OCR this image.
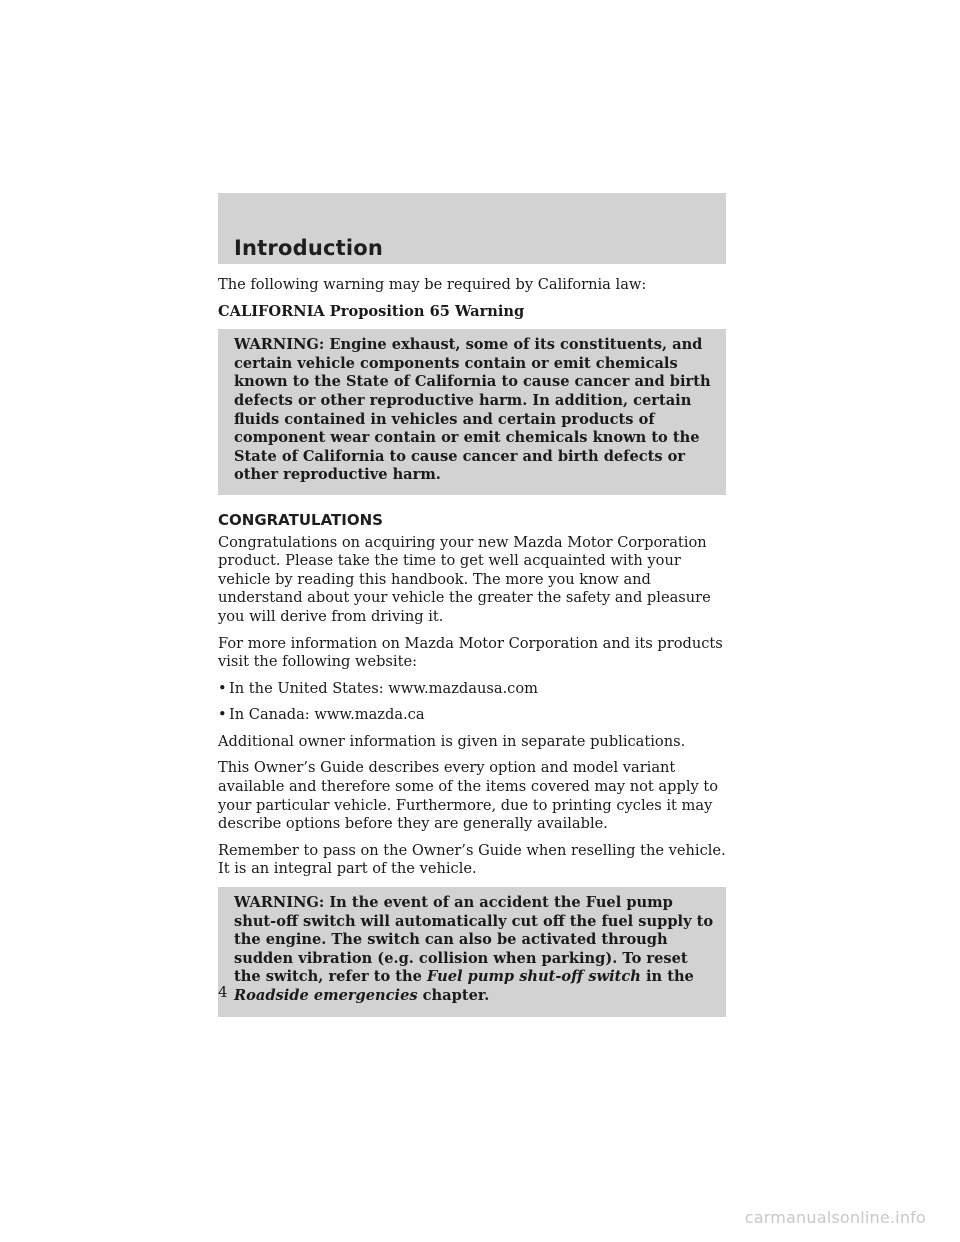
Introduction

The following warning may be required by California law:

CALIFORNIA Proposition 65 Warning

WARNING: Engine exhaust, some of its constituents, and certain vehicle components contain or emit chemicals known to the State of California to cause cancer and birth defects or other reproductive harm. In addition, certain fluids contained in vehicles and certain products of component wear contain or emit chemicals known to the State of California to cause cancer and birth defects or other reproductive harm.
CONGRATULATIONS

Congratulations on acquiring your new Mazda Motor Corporation product. Please take the time to get well acquainted with your vehicle by reading this handbook. The more you know and understand about your vehicle the greater the safety and pleasure you will derive from driving it.

For more information on Mazda Motor Corporation and its products visit the following website:

• In the United States: www.mazdausa.com
• In Canada: www.mazda.ca

Additional owner information is given in separate publications.

This Owner’s Guide describes every option and model variant available and therefore some of the items covered may not apply to your particular vehicle. Furthermore, due to printing cycles it may describe options before they are generally available.

Remember to pass on the Owner’s Guide when reselling the vehicle. It is an integral part of the vehicle.

WARNING: In the event of an accident the Fuel pump shut-off switch will automatically cut off the fuel supply to the engine. The switch can also be activated through sudden vibration (e.g. collision when parking). To reset the switch, refer to the Fuel pump shut-off switch in the Roadside emergencies chapter.
4
carmanualsonline.info
